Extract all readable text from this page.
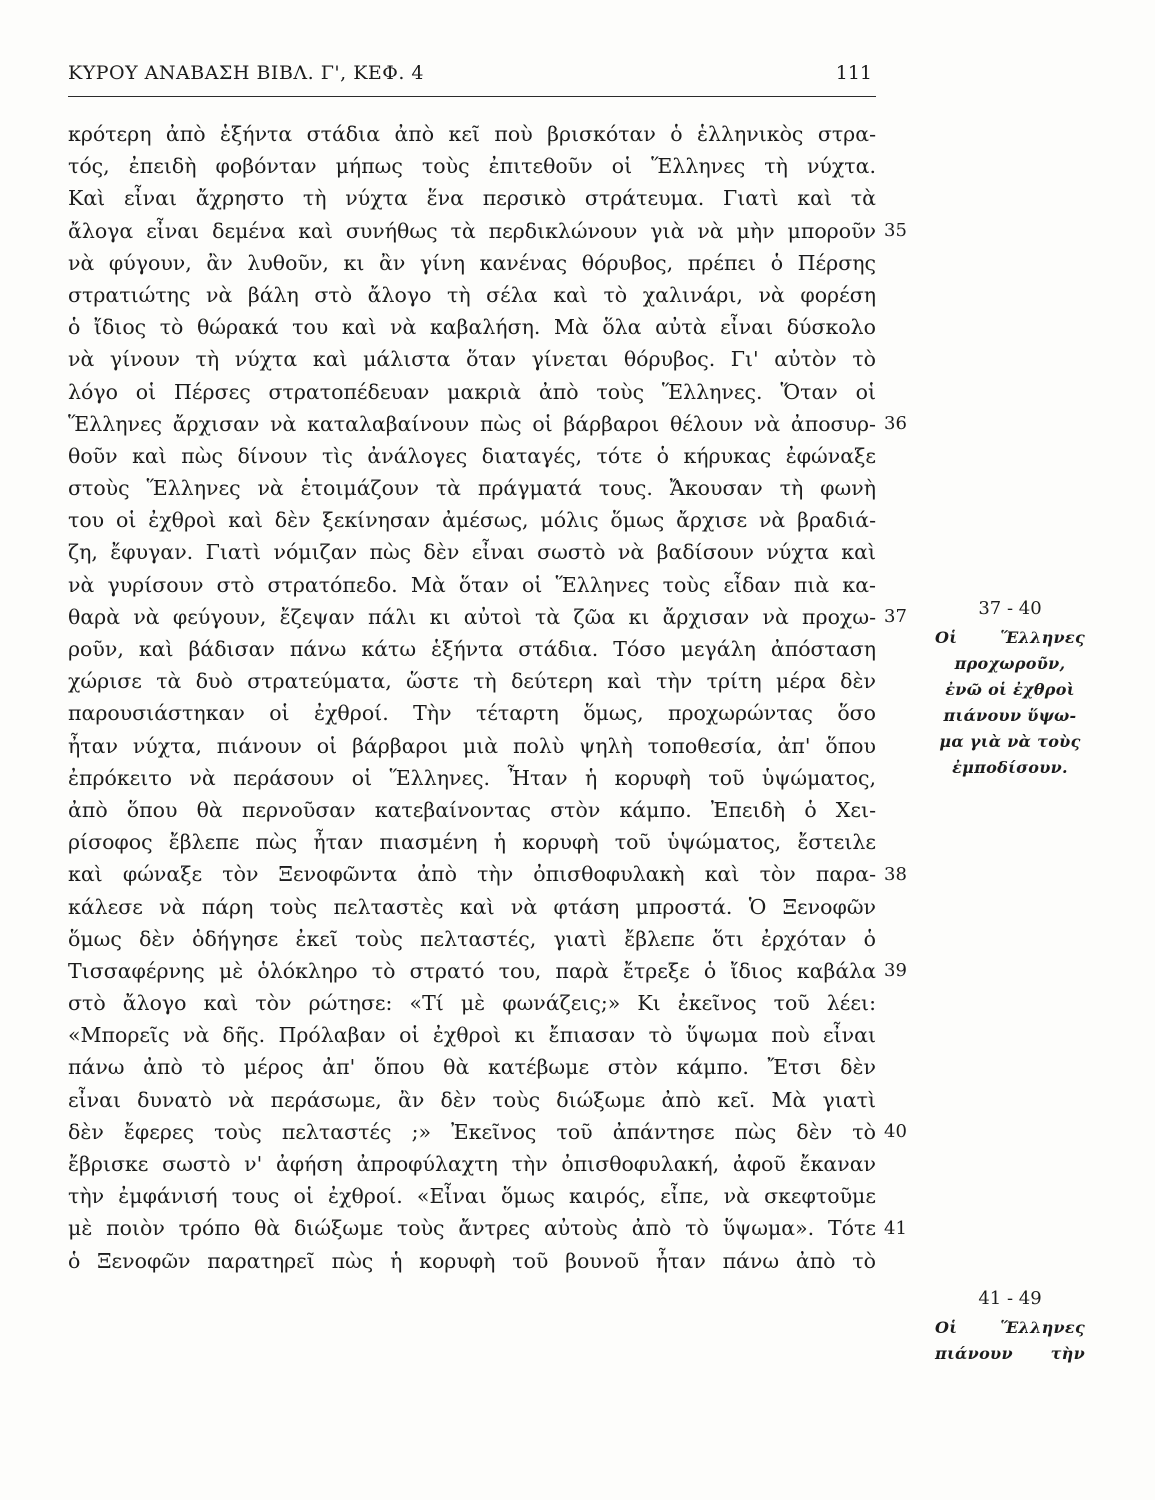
ΚΥΡΟΥ ΑΝΑΒΑΣΗ ΒΙΒΛ. Γ', ΚΕΦ. 4	111
κρότερη ἀπὸ ἑξήντα στάδια ἀπὸ κεῖ ποὺ βρισκόταν ὁ ἑλληνικὸς στρα-
τός, ἐπειδὴ φοβόνταν μήπως τοὺς ἐπιτεθοῦν οἱ Ἕλληνες τὴ νύχτα.
Καὶ εἶναι ἄχρηστο τὴ νύχτα ἕνα περσικὸ στράτευμα. Γιατὶ καὶ τὰ
ἄλογα εἶναι δεμένα καὶ συνήθως τὰ περδικλώνουν γιὰ νὰ μὴν μποροῦν
νὰ φύγουν, ἂν λυθοῦν, κι ἂν γίνη κανένας θόρυβος, πρέπει ὁ Πέρσης
στρατιώτης νὰ βάλη στὸ ἄλογο τὴ σέλα καὶ τὸ χαλινάρι, νὰ φορέση
ὁ ἴδιος τὸ θώρακά του καὶ νὰ καβαλήση. Μὰ ὅλα αὐτὰ εἶναι δύσκολο
νὰ γίνουν τὴ νύχτα καὶ μάλιστα ὅταν γίνεται θόρυβος. Γι' αὐτὸν τὸ
λόγο οἱ Πέρσες στρατοπέδευαν μακριὰ ἀπὸ τοὺς Ἕλληνες. Ὅταν οἱ
Ἕλληνες ἄρχισαν νὰ καταλαβαίνουν πὼς οἱ βάρβαροι θέλουν νὰ ἀποσυρ-
θοῦν καὶ πὼς δίνουν τὶς ἀνάλογες διαταγές, τότε ὁ κήρυκας ἐφώναξε
στοὺς Ἕλληνες νὰ ἑτοιμάζουν τὰ πράγματά τους. Ἄκουσαν τὴ φωνὴ
του οἱ ἐχθροὶ καὶ δὲν ξεκίνησαν ἀμέσως, μόλις ὅμως ἄρχισε νὰ βραδιά-
ζη, ἔφυγαν. Γιατὶ νόμιζαν πὼς δὲν εἶναι σωστὸ νὰ βαδίσουν νύχτα καὶ
νὰ γυρίσουν στὸ στρατόπεδο. Μὰ ὅταν οἱ Ἕλληνες τοὺς εἶδαν πιὰ κα-
θαρὰ νὰ φεύγουν, ἔζεψαν πάλι κι αὐτοὶ τὰ ζῶα κι ἄρχισαν νὰ προχω-
ροῦν, καὶ βάδισαν πάνω κάτω ἑξήντα στάδια. Τόσο μεγάλη ἀπόσταση
χώρισε τὰ δυὸ στρατεύματα, ὥστε τὴ δεύτερη καὶ τὴν τρίτη μέρα δὲν
παρουσιάστηκαν οἱ ἐχθροί. Τὴν τέταρτη ὅμως, προχωρώντας ὅσο
ἦταν νύχτα, πιάνουν οἱ βάρβαροι μιὰ πολὺ ψηλὴ τοποθεσία, ἀπ' ὅπου
ἐπρόκειτο νὰ περάσουν οἱ Ἕλληνες. Ἦταν ἡ κορυφὴ τοῦ ὑψώματος,
ἀπὸ ὅπου θὰ περνοῦσαν κατεβαίνοντας στὸν κάμπο. Ἐπειδὴ ὁ Χει-
ρίσοφος ἔβλεπε πὼς ἦταν πιασμένη ἡ κορυφὴ τοῦ ὑψώματος, ἔστειλε
καὶ φώναξε τὸν Ξενοφῶντα ἀπὸ τὴν ὀπισθοφυλακὴ καὶ τὸν παρα-
κάλεσε νὰ πάρη τοὺς πελταστὲς καὶ νὰ φτάση μπροστά. Ὁ Ξενοφῶν
ὅμως δὲν ὁδήγησε ἐκεῖ τοὺς πελταστές, γιατὶ ἔβλεπε ὅτι ἐρχόταν ὁ
Τισσαφέρνης μὲ ὁλόκληρο τὸ στρατό του, παρὰ ἔτρεξε ὁ ἴδιος καβάλα
στὸ ἄλογο καὶ τὸν ρώτησε: «Τί μὲ φωνάζεις;» Κι ἐκεῖνος τοῦ λέει:
«Μπορεῖς νὰ δῆς. Πρόλαβαν οἱ ἐχθροὶ κι ἔπιασαν τὸ ὕψωμα ποὺ εἶναι
πάνω ἀπὸ τὸ μέρος ἀπ' ὅπου θὰ κατέβωμε στὸν κάμπο. Ἔτσι δὲν
εἶναι δυνατὸ νὰ περάσωμε, ἂν δὲν τοὺς διώξωμε ἀπὸ κεῖ. Μὰ γιατὶ
δὲν ἔφερες τοὺς πελταστές ;» Ἐκεῖνος τοῦ ἀπάντησε πὼς δὲν τὸ
ἔβρισκε σωστὸ ν' ἀφήση ἀπροφύλαχτη τὴν ὀπισθοφυλακή, ἀφοῦ ἔκαναν
τὴν ἐμφάνισή τους οἱ ἐχθροί. «Εἶναι ὅμως καιρός, εἶπε, νὰ σκεφτοῦμε
μὲ ποιὸν τρόπο θὰ διώξωμε τοὺς ἄντρες αὐτοὺς ἀπὸ τὸ ὕψωμα». Τότε
ὁ Ξενοφῶν παρατηρεῖ πὼς ἡ κορυφὴ τοῦ βουνοῦ ἦταν πάνω ἀπὸ τὸ
35
36
37
38
39
40
41
37 - 40
Οἱ Ἕλληνες
προχωροῦν,
ἐνῶ οἱ ἐχθροὶ
πιάνουν ὕψω-
μα γιὰ νὰ τοὺς
ἐμποδίσουν.
41 - 49
Οἱ Ἕλληνες
πιάνουν τὴν
